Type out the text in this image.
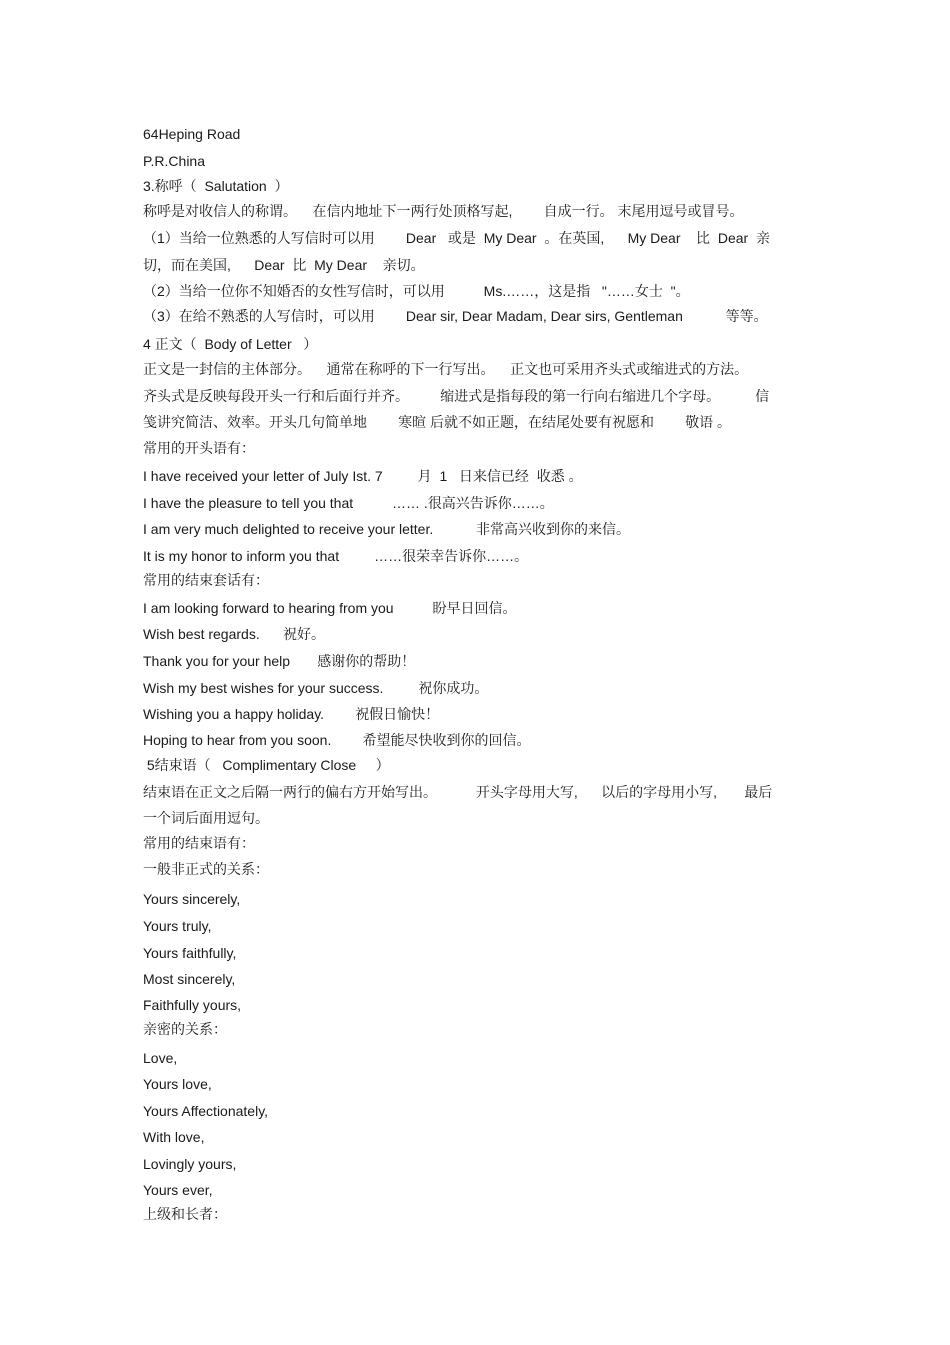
64Heping Road
P.R.China
3.称呼（  Salutation  ）
称呼是对收信人的称谓。    在信内地址下一两行处顶格写起,        自成一行。 末尾用逗号或冒号。
（1）当给一位熟悉的人写信时可以用        Dear   或是  My Dear  。在英国,      My Dear    比  Dear  亲
切，而在美国,      Dear  比  My Dear    亲切。
（2）当给一位你不知婚否的女性写信时，可以用          Ms.……，这是指   "……女士  "。
（3）在给不熟悉的人写信时，可以用        Dear sir, Dear Madam, Dear sirs, Gentleman           等等。
4 正文（  Body of Letter   ）
正文是一封信的主体部分。    通常在称呼的下一行写出。    正文也可采用齐头式或缩进式的方法。
齐头式是反映每段开头一行和后面行并齐。        缩进式是指每段的第一行向右缩进几个字母。         信
笺讲究简洁、效率。开头几句简单地        寒暄 后就不如正题，在结尾处要有祝愿和        敬语 。
常用的开头语有：
I have received your letter of July Ist. 7         月  1   日来信已经  收悉 。
I have the pleasure to tell you that          …… .很高兴告诉你……。
I am very much delighted to receive your letter.           非常高兴收到你的来信。
It is my honor to inform you that         ……很荣幸告诉你……。
常用的结束套话有：
I am looking forward to hearing from you          盼早日回信。
Wish best regards.      祝好。
Thank you for your help       感谢你的帮助！
Wish my best wishes for your success.         祝你成功。
Wishing you a happy holiday.        祝假日愉快！
Hoping to hear from you soon.        希望能尽快收到你的回信。
5结束语（   Complimentary Close     ）
结束语在正文之后隔一两行的偏右方开始写出。          开头字母用大写,      以后的字母用小写,       最后
一个词后面用逗句。
常用的结束语有：
一般非正式的关系：
Yours sincerely,
Yours truly,
Yours faithfully,
Most sincerely,
Faithfully yours,
亲密的关系：
Love,
Yours love,
Yours Affectionately,
With love,
Lovingly yours,
Yours ever,
上级和长者：
